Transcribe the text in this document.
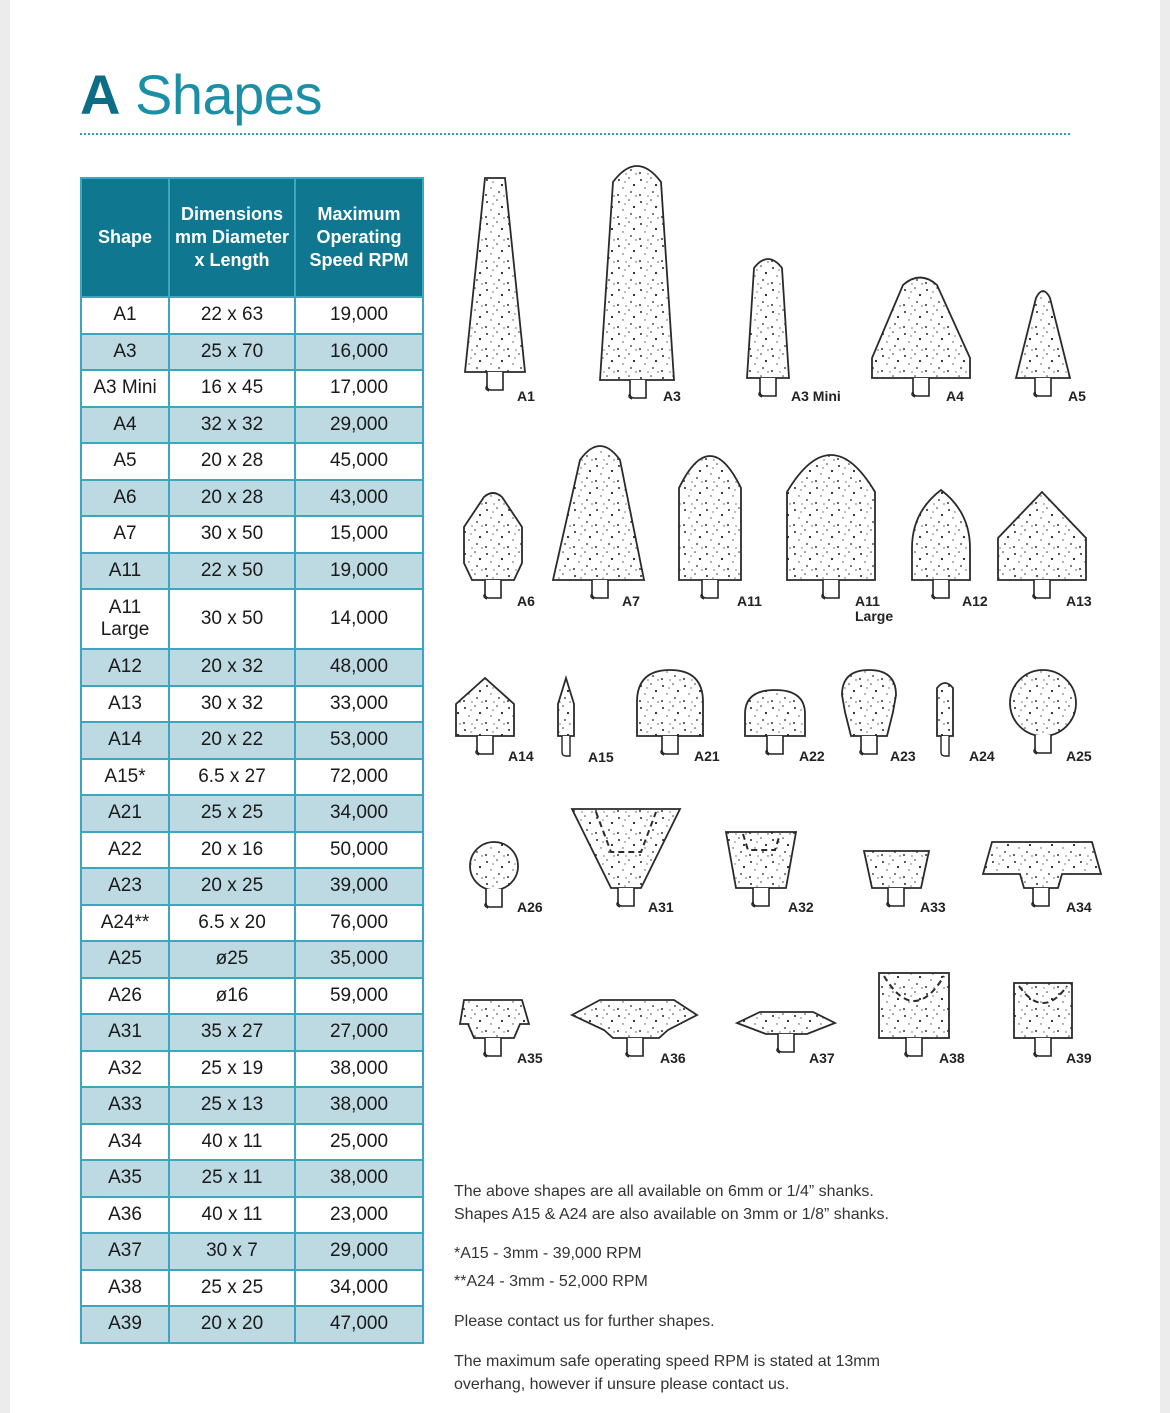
A Shapes
Shape	Dimensions mm Diameter x Length	Maximum Operating Speed RPM
A1	22 x 63	19,000
A3	25 x 70	16,000
A3 Mini	16 x 45	17,000
A4	32 x 32	29,000
A5	20 x 28	45,000
A6	20 x 28	43,000
A7	30 x 50	15,000
A11	22 x 50	19,000
A11
Large	30 x 50	14,000
A12	20 x 32	48,000
A13	30 x 32	33,000
A14	20 x 22	53,000
A15*	6.5 x 27	72,000
A21	25 x 25	34,000
A22	20 x 16	50,000
A23	20 x 25	39,000
A24**	6.5 x 20	76,000
A25	ø25	35,000
A26	ø16	59,000
A31	35 x 27	27,000
A32	25 x 19	38,000
A33	25 x 13	38,000
A34	40 x 11	25,000
A35	25 x 11	38,000
A36	40 x 11	23,000
A37	30 x 7	29,000
A38	25 x 25	34,000
A39	20 x 20	47,000
A1	A3	A3 Mini	A4	A5
A6	A7	A11	A11
Large
A12	A13
A14	A15	A21	A22	A23	A24	A25
A26	A31	A32	A33	A34
A35	A36	A37	A38	A39

The above shapes are all available on 6mm or 1/4” shanks.

Shapes A15 & A24 are also available on 3mm or 1/8” shanks.

*A15 - 3mm - 39,000 RPM

**A24 - 3mm - 52,000 RPM

Please contact us for further shapes.

The maximum safe operating speed RPM is stated at 13mm

overhang, however if unsure please contact us.
